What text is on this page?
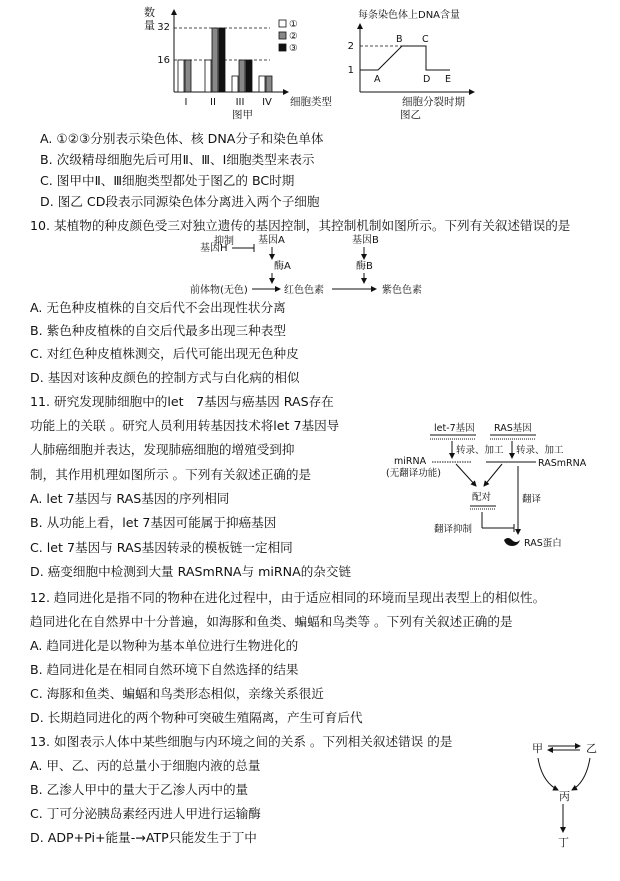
数
量 32
16
I II III IV 细胞类型
图甲
①
②
③
每条染色体上DNA含量
2
1
A
B C
D E
细胞分裂时期
图乙
A. ①②③分别表示染色体、核 DNA分子和染色单体
B. 次级精母细胞先后可用Ⅱ、Ⅲ、Ⅰ细胞类型来表示
C. 图甲中Ⅱ、Ⅲ细胞类型都处于图乙的 BC时期
D. 图乙 CD段表示同源染色体分离进入两个子细胞
10. 某植物的种皮颜色受三对独立遗传的基因控制，其控制机制如图所示。下列有关叙述错误的是
基因H
抑制 基因A
酶A
基因B
酶B
前体物(无色)	红色色素	紫色色素
A. 无色种皮植株的自交后代不会出现性状分离
B. 紫色种皮植株的自交后代最多出现三种表型
C. 对红色种皮植株测交，后代可能出现无色种皮
D. 基因对该种皮颜色的控制方式与白化病的相似
11. 研究发现肺细胞中的let　7基因与癌基因 RAS存在
功能上的关联 。研究人员利用转基因技术将let 7基因导
人肺癌细胞并表达，发现肺癌细胞的增殖受到抑
制，其作用机理如图所示 。下列有关叙述正确的是
A. let 7基因与 RAS基因的序列相同
B. 从功能上看，let 7基因可能属于抑癌基因
C. let 7基因与 RAS基因转录的模板链一定相同
D. 癌变细胞中检测到大量 RASmRNA与 miRNA的杂交链
let-7基因 RAS基因
转录、加工 转录、加工
miRNA
(无翻译功能)
RASmRNA
配对	翻译
翻译抑制
RAS蛋白
12. 趋同进化是指不同的物种在进化过程中，由于适应相同的环境而呈现出表型上的相似性。
趋同进化在自然界中十分普遍，如海豚和鱼类、蝙蝠和鸟类等 。下列有关叙述正确的是
A. 趋同进化是以物种为基本单位进行生物进化的
B. 趋同进化是在相同自然环境下自然选择的结果
C. 海豚和鱼类、蝙蝠和鸟类形态相似，亲缘关系很近
D. 长期趋同进化的两个物种可突破生殖隔离，产生可育后代
13. 如图表示人体中某些细胞与内环境之间的关系 。下列相关叙述错误 的是
A. 甲、乙、丙的总量小于细胞内液的总量
B. 乙渗人甲中的量大于乙渗人丙中的量
C. 丁可分泌胰岛素经丙进人甲进行运输酶
D. ADP+Pi+能量-→ATP只能发生于丁中
甲	乙
丙
丁
